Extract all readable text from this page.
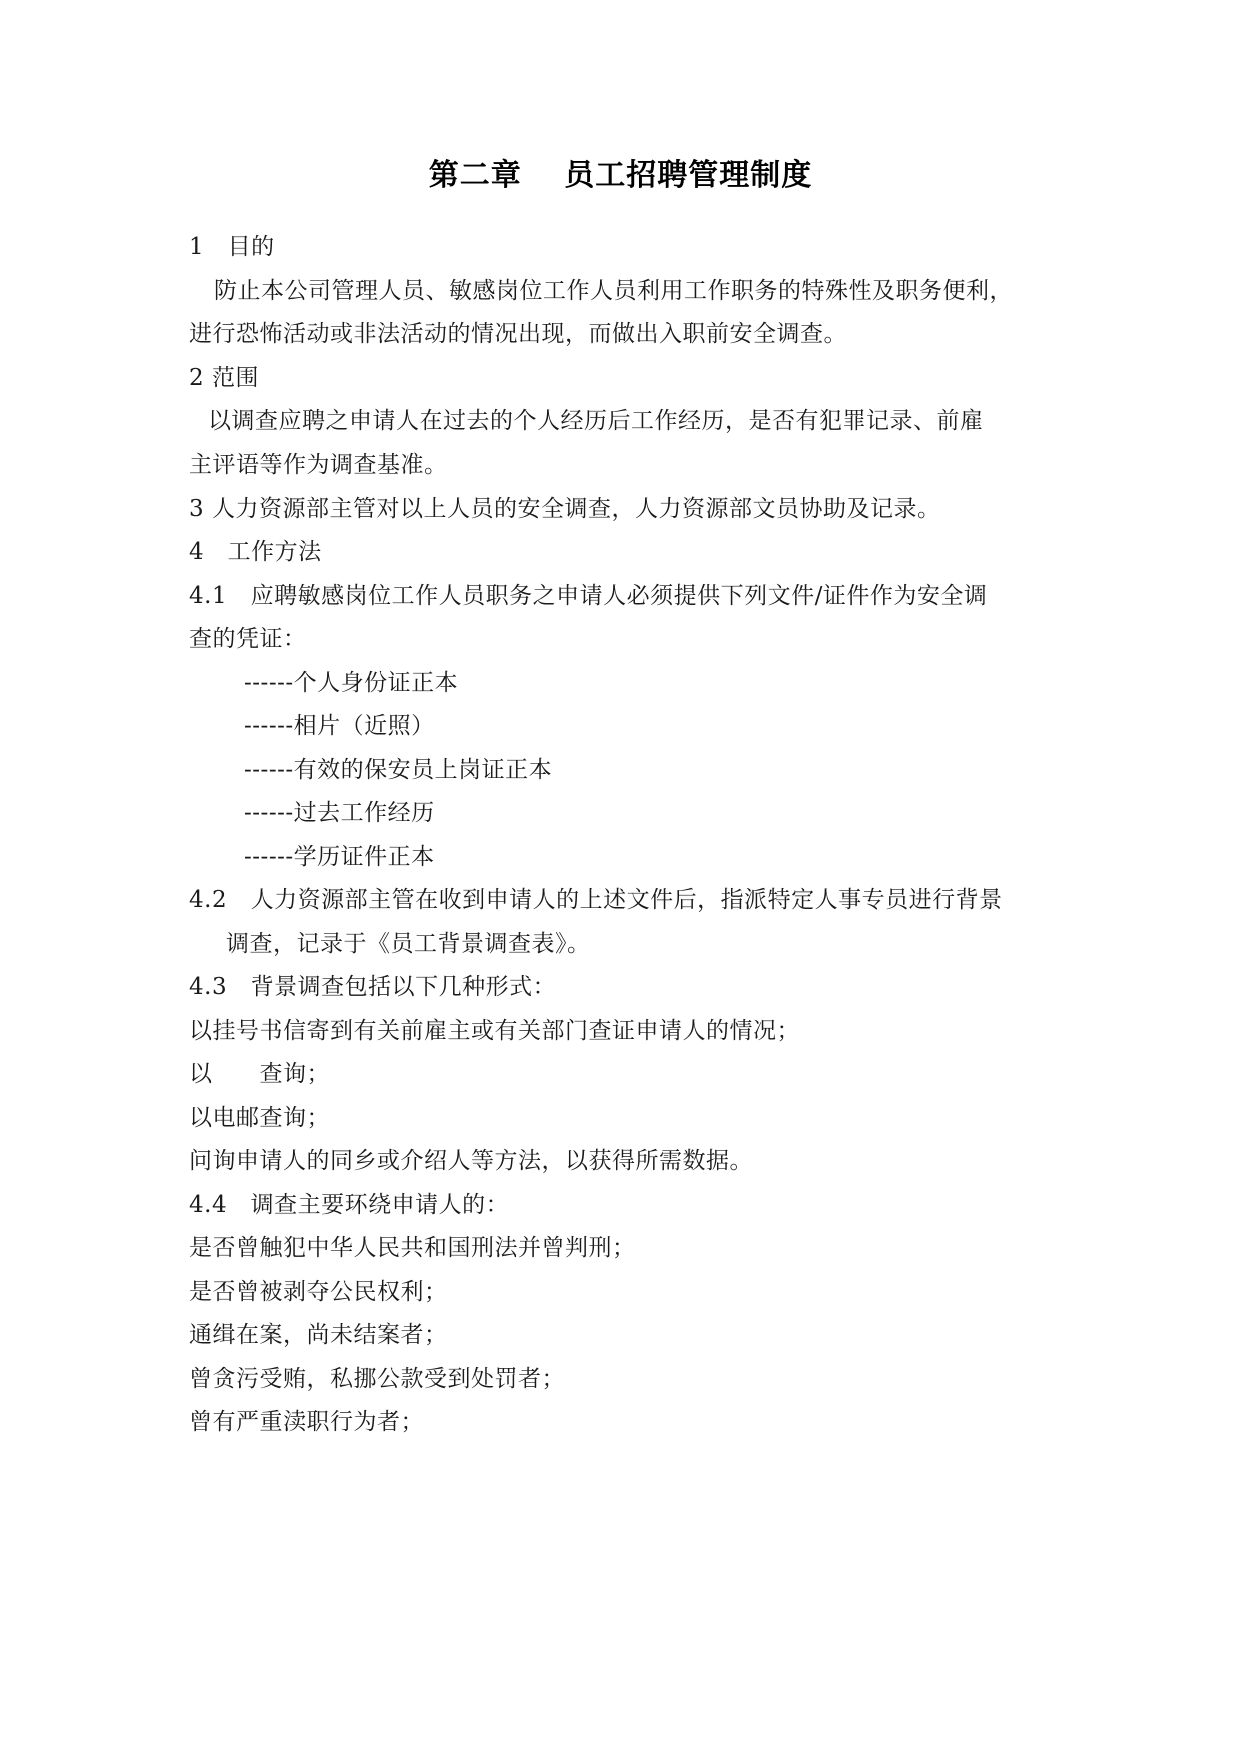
第二章　 员工招聘管理制度
1　目的
防止本公司管理人员、敏感岗位工作人员利用工作职务的特殊性及职务便利，
进行恐怖活动或非法活动的情况出现，而做出入职前安全调查。
2 范围
以调查应聘之申请人在过去的个人经历后工作经历，是否有犯罪记录、前雇
主评语等作为调查基准。
3 人力资源部主管对以上人员的安全调查，人力资源部文员协助及记录。
4　工作方法
4.1　应聘敏感岗位工作人员职务之申请人必须提供下列文件/证件作为安全调
查的凭证：
------个人身份证正本
------相片（近照）
------有效的保安员上岗证正本
------过去工作经历
------学历证件正本
4.2　人力资源部主管在收到申请人的上述文件后，指派特定人事专员进行背景
调查，记录于《员工背景调查表》。
4.3　背景调查包括以下几种形式：
以挂号书信寄到有关前雇主或有关部门查证申请人的情况；
以　　查询；
以电邮查询；
问询申请人的同乡或介绍人等方法，以获得所需数据。
4.4　调查主要环绕申请人的：
是否曾触犯中华人民共和国刑法并曾判刑；
是否曾被剥夺公民权利；
通缉在案，尚未结案者；
曾贪污受贿，私挪公款受到处罚者；
曾有严重渎职行为者；
